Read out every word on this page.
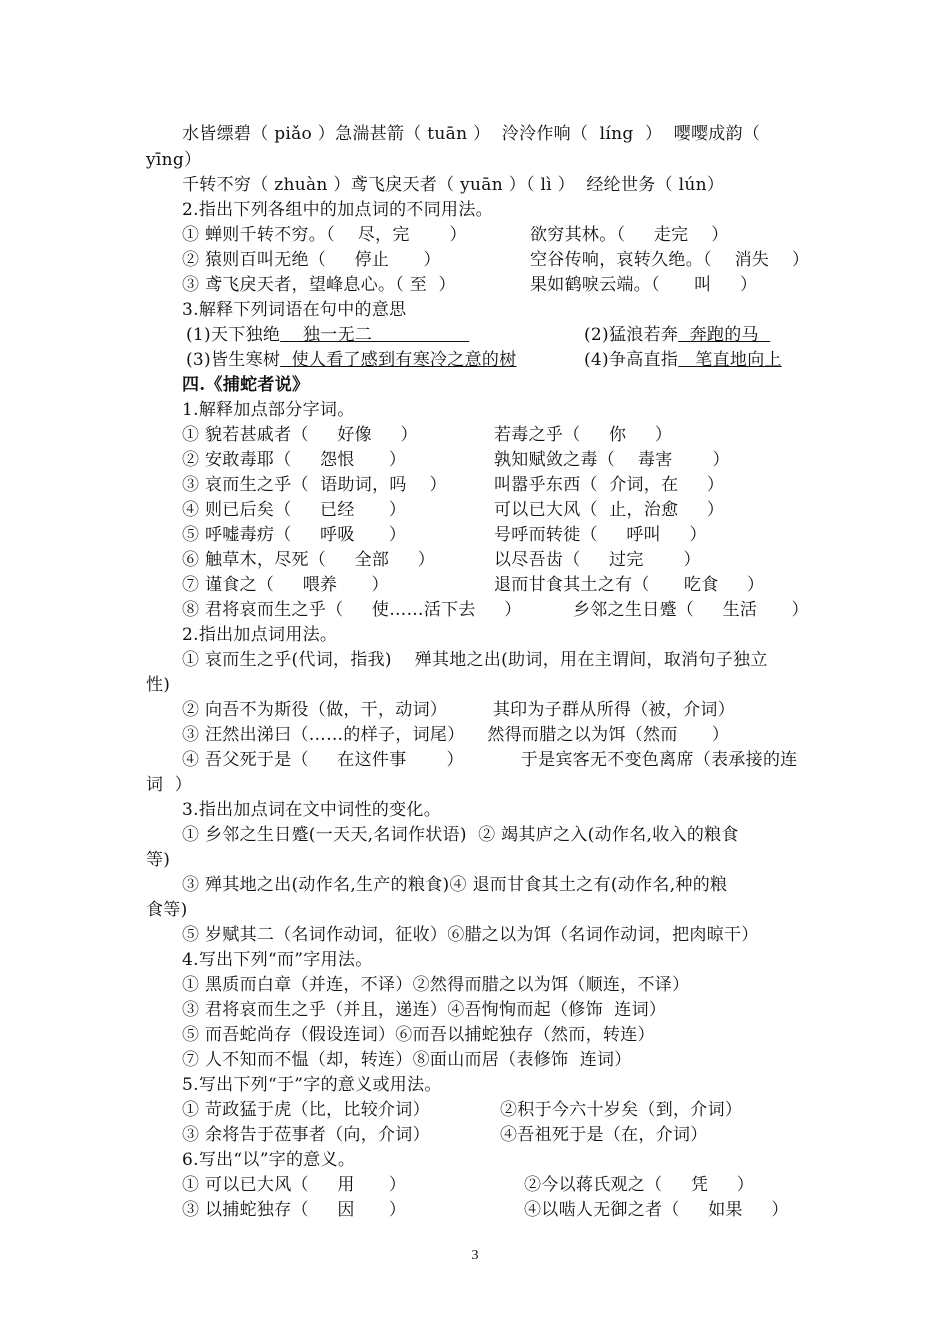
水皆缥碧（ piǎo ）急湍甚箭（ tuān ）  泠泠作响（  líng  ）  嘤嘤成韵（
yīng）
千转不穷（ zhuàn ）鸢飞戾天者（ yuān ）（ lì ）  经纶世务（ lún）
2.指出下列各组中的加点词的不同用法。
① 蝉则千转不穷。（    尽，完       ）	欲穷其林。（     走完    ）
② 猿则百叫无绝（     停止      ）	空谷传响，哀转久绝。（    消失    ）
③ 鸢飞戾天者，望峰息心。（ 至  ）	果如鹤唳云端。（      叫     ）
3.解释下列词语在句中的意思
(1)天下独绝    独一无二	(2)猛浪若奔  奔跑的马
(3)皆生寒树  使人看了感到有寒冷之意的树	(4)争高直指   笔直地向上
四.《捕蛇者说》
1.解释加点部分字词。
① 貌若甚戚者（     好像     ）	若毒之乎（     你     ）
② 安敢毒耶（     怨恨      ）	孰知赋敛之毒（    毒害       ）
③ 哀而生之乎（  语助词，吗    ）	叫嚣乎东西（  介词，在     ）
④ 则已后矣（     已经      ）	可以已大风（  止，治愈     ）
⑤ 呼嘘毒疠（     呼吸      ）	号呼而转徙（     呼叫     ）
⑥ 触草木，尽死（     全部     ）	以尽吾齿（     过完       ）
⑦ 谨食之（     喂养      ）	退而甘食其土之有（      吃食     ）
⑧ 君将哀而生之乎（     使……活下去     ）	乡邻之生日蹙（     生活      ）
2.指出加点词用法。
① 哀而生之乎(代词，指我)    殚其地之出(助词，用在主谓间，取消句子独立
性)
② 向吾不为斯役（做，干，动词）        其印为子群从所得（被，介词）
③ 汪然出涕曰（……的样子，词尾）    然得而腊之以为饵（然而      ）
④ 吾父死于是（     在这件事       ）          于是宾客无不变色离席（表承接的连
词  ）
3.指出加点词在文中词性的变化。
① 乡邻之生日蹙(一天天,名词作状语)  ② 竭其庐之入(动作名,收入的粮食
等)
③ 殚其地之出(动作名,生产的粮食)④ 退而甘食其土之有(动作名,种的粮
食等)
⑤ 岁赋其二（名词作动词，征收）⑥腊之以为饵（名词作动词，把肉晾干）
4.写出下列“而”字用法。
① 黑质而白章（并连，不译）②然得而腊之以为饵（顺连，不译）
③ 君将哀而生之乎（并且，递连）④吾恂恂而起（修饰  连词）
⑤ 而吾蛇尚存（假设连词）⑥而吾以捕蛇独存（然而，转连）
⑦ 人不知而不愠（却，转连）⑧面山而居（表修饰  连词）
5.写出下列“于”字的意义或用法。
① 苛政猛于虎（比，比较介词）	②积于今六十岁矣（到，介词）
③ 余将告于莅事者（向，介词）	④吾祖死于是（在，介词）
6.写出“以”字的意义。
① 可以已大风（     用      ）	②今以蒋氏观之（     凭     ）
③ 以捕蛇独存（     因      ）	④以啮人无御之者（     如果     ）
3
